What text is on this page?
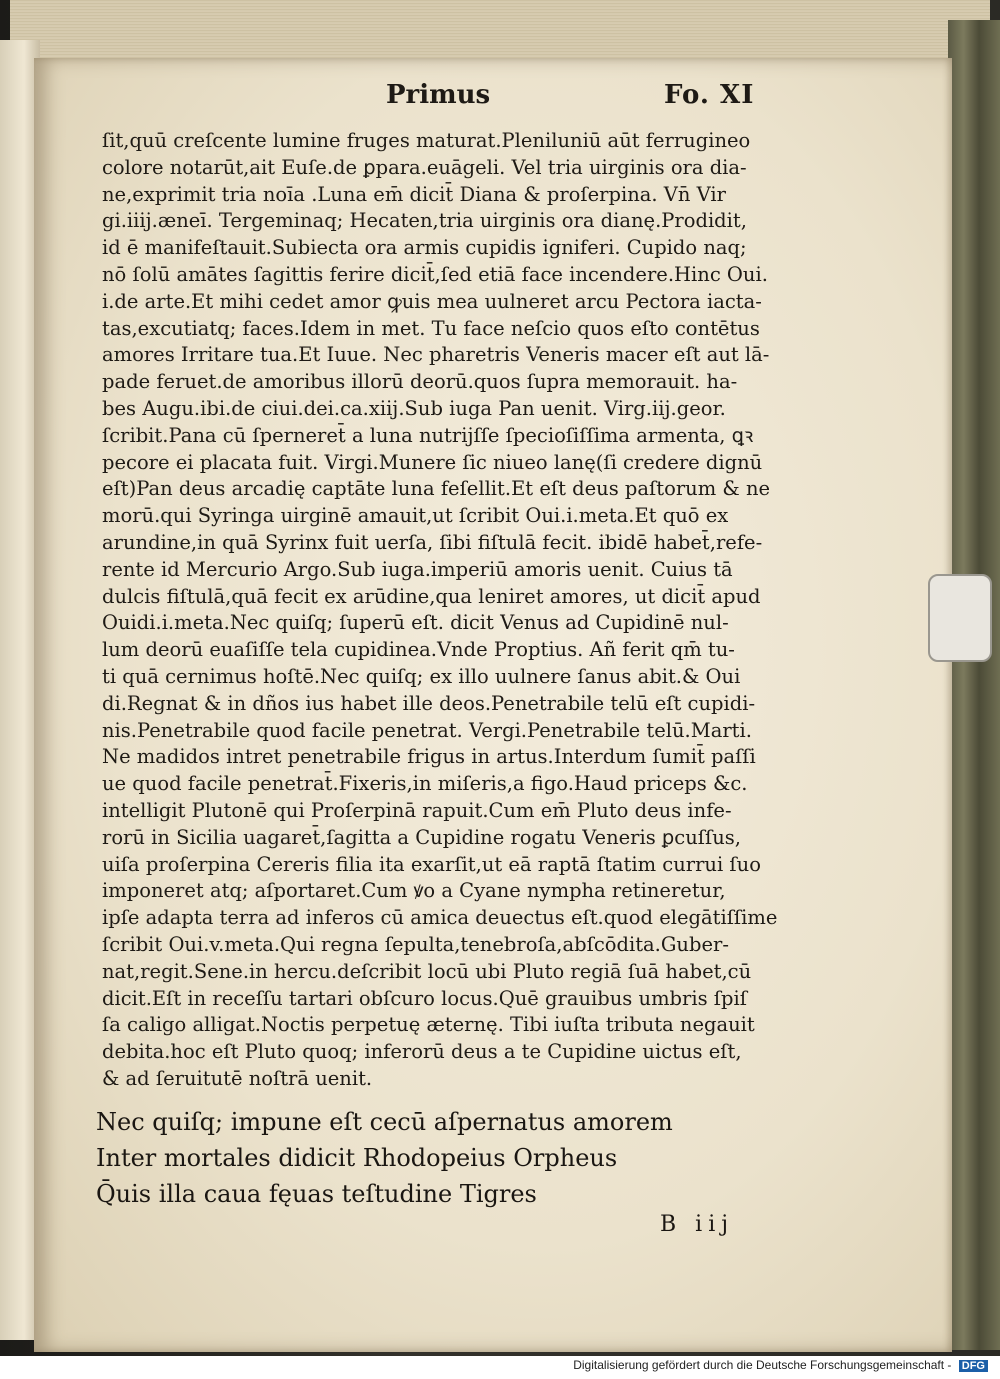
Primus	Fo. XI
ſit,quū creſcente lumine fruges maturat.Pleniluniū aūt ferrugineo
colore notarūt,ait Euſe.de ꝑpara.euāgeli. Vel tria uirginis ora dia-
ne,exprimit tria noīa .Luna em̄ dicit̄ Diana & proſerpina. Vn̄ Vir
gi.iiij.æneī. Tergeminaq; Hecaten,tria uirginis ora dianę.Prodidit,
id ē manifeſtauit.Subiecta ora armis cupidis igniferi. Cupido naq;
nō ſolū amātes ſagittis ferire dicit̄,ſed etiā face incendere.Hinc Oui.
i.de arte.Et mihi cedet amor ꝙuis mea uulneret arcu Pectora iacta-
tas,excutiatq; faces.Idem in met. Tu face neſcio quos eſto contētus
amores Irritare tua.Et Iuue. Nec pharetris Veneris macer eſt aut lā-
pade feruet.de amoribus illorū deorū.quos ſupra memorauit. ha-
bes Augu.ibi.de ciui.dei.ca.xiij.Sub iuga Pan uenit. Virg.iij.geor.
ſcribit.Pana cū ſperneret̄ a luna nutrijſſe ſpecioſiſſima armenta, ꝗꝛ
pecore ei placata fuit. Virgi.Munere ſic niueo lanę(ſi credere dignū
eſt)Pan deus arcadię captāte luna feſellit.Et eſt deus paſtorum & ne
morū.qui Syringa uirginē amauit,ut ſcribit Oui.i.meta.Et quō ex
arundine,in quā Syrinx fuit uerſa, ſibi fiſtulā fecit. ibidē habet̄,refe-
rente id Mercurio Argo.Sub iuga.imperiū amoris uenit. Cuius tā
dulcis fiſtulā,quā fecit ex arūdine,qua leniret amores, ut dicit̄ apud
Ouidi.i.meta.Nec quiſq; ſuperū eſt. dicit Venus ad Cupidinē nul-
lum deorū euaſiſſe tela cupidinea.Vnde Proptius. Añ ferit qm̄ tu-
ti quā cernimus hoſtē.Nec quiſq; ex illo uulnere ſanus abit.& Oui
di.Regnat & in dños ius habet ille deos.Penetrabile telū eſt cupidi-
nis.Penetrabile quod facile penetrat. Vergi.Penetrabile telū.Marti.
Ne madidos intret penetrabile frigus in artus.Interdum ſumit̄ paſſi
ue quod facile penetrat̄.Fixeris,in miſeris,a figo.Haud priceps &c.
intelligit Plutonē qui Proſerpinā rapuit.Cum em̄ Pluto deus infe-
rorū in Sicilia uagaret̄,ſagitta a Cupidine rogatu Veneris ꝑcuſſus,
uiſa proſerpina Cereris filia ita exarſit,ut eā raptā ſtatim currui ſuo
imponeret atq; aſportaret.Cum ꝟo a Cyane nympha retineretur,
ipſe adapta terra ad inferos cū amica deuectus eſt.quod elegātiſſime
ſcribit Oui.v.meta.Qui regna ſepulta,tenebroſa,abſcōdita.Guber-
nat,regit.Sene.in hercu.deſcribit locū ubi Pluto regiā ſuā habet,cū
dicit.Eſt in receſſu tartari obſcuro locus.Quē grauibus umbris ſpiſ
ſa caligo alligat.Noctis perpetuę æternę. Tibi iuſta tributa negauit
debita.hoc eſt Pluto quoq; inferorū deus a te Cupidine uictus eſt,
& ad ſeruitutē noſtrā uenit.
Nec quiſq; impune eſt cecū aſpernatus amorem
Inter mortales didicit Rhodopeius Orpheus
Q̄uis illa caua fęuas teſtudine Tigres
B iij
Digitalisierung gefördert durch die Deutsche Forschungsgemeinschaft - DFG
